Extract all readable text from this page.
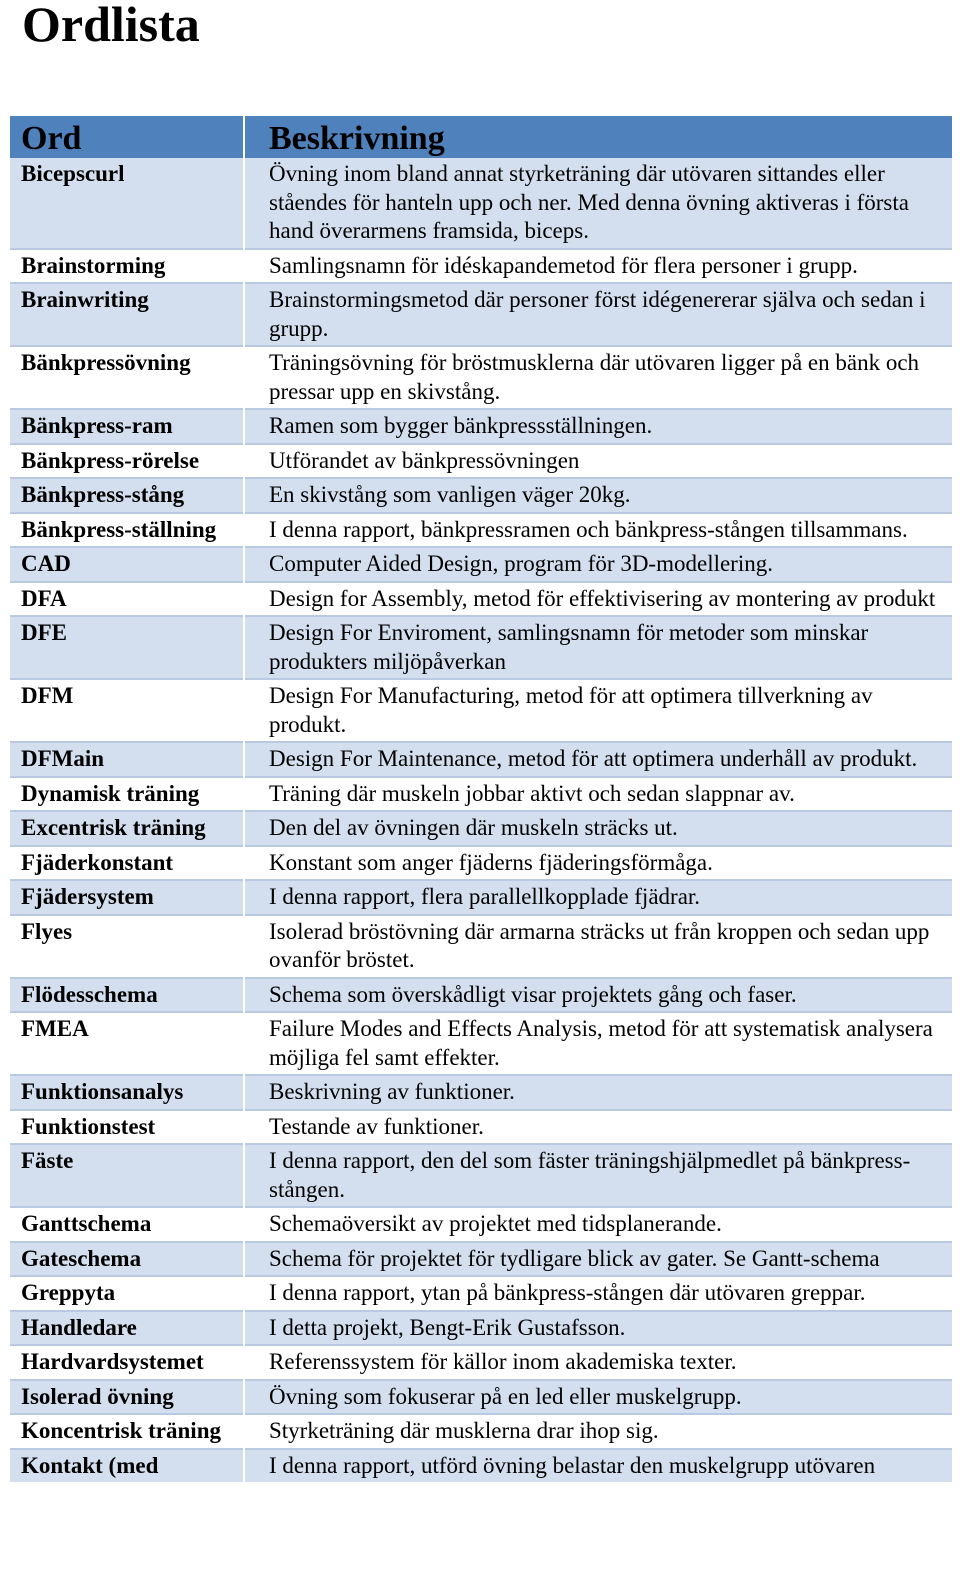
Ordlista
Ord	Beskrivning
Bicepscurl	Övning inom bland annat styrketräning där utövaren sittandes eller ståendes för hanteln upp och ner. Med denna övning aktiveras i första hand överarmens framsida, biceps.
Brainstorming	Samlingsnamn för idéskapandemetod för flera personer i grupp.
Brainwriting	Brainstormingsmetod där personer först idégenererar själva och sedan i grupp.
Bänkpressövning	Träningsövning för bröstmusklerna där utövaren ligger på en bänk och pressar upp en skivstång.
Bänkpress-ram	Ramen som bygger bänkpressställningen.
Bänkpress-rörelse	Utförandet av bänkpressövningen
Bänkpress-stång	En skivstång som vanligen väger 20kg.
Bänkpress-ställning	I denna rapport, bänkpressramen och bänkpress-stången tillsammans.
CAD	Computer Aided Design, program för 3D-modellering.
DFA	Design for Assembly, metod för effektivisering av montering av produkt
DFE	Design For Enviroment, samlingsnamn för metoder som minskar produkters miljöpåverkan
DFM	Design For Manufacturing, metod för att optimera tillverkning av produkt.
DFMain	Design For Maintenance, metod för att optimera underhåll av produkt.
Dynamisk träning	Träning där muskeln jobbar aktivt och sedan slappnar av.
Excentrisk träning	Den del av övningen där muskeln sträcks ut.
Fjäderkonstant	Konstant som anger fjäderns fjäderingsförmåga.
Fjädersystem	I denna rapport, flera parallellkopplade fjädrar.
Flyes	Isolerad bröstövning där armarna sträcks ut från kroppen och sedan upp ovanför bröstet.
Flödesschema	Schema som överskådligt visar projektets gång och faser.
FMEA	Failure Modes and Effects Analysis, metod för att systematisk analysera möjliga fel samt effekter.
Funktionsanalys	Beskrivning av funktioner.
Funktionstest	Testande av funktioner.
Fäste	I denna rapport, den del som fäster träningshjälpmedlet på bänkpress-stången.
Ganttschema	Schemaöversikt av projektet med tidsplanerande.
Gateschema	Schema för projektet för tydligare blick av gater. Se Gantt-schema
Greppyta	I denna rapport, ytan på bänkpress-stången där utövaren greppar.
Handledare	I detta projekt, Bengt-Erik Gustafsson.
Hardvardsystemet	Referenssystem för källor inom akademiska texter.
Isolerad övning	Övning som fokuserar på en led eller muskelgrupp.
Koncentrisk träning	Styrketräning där musklerna drar ihop sig.
Kontakt (med	I denna rapport, utförd övning belastar den muskelgrupp utövaren
